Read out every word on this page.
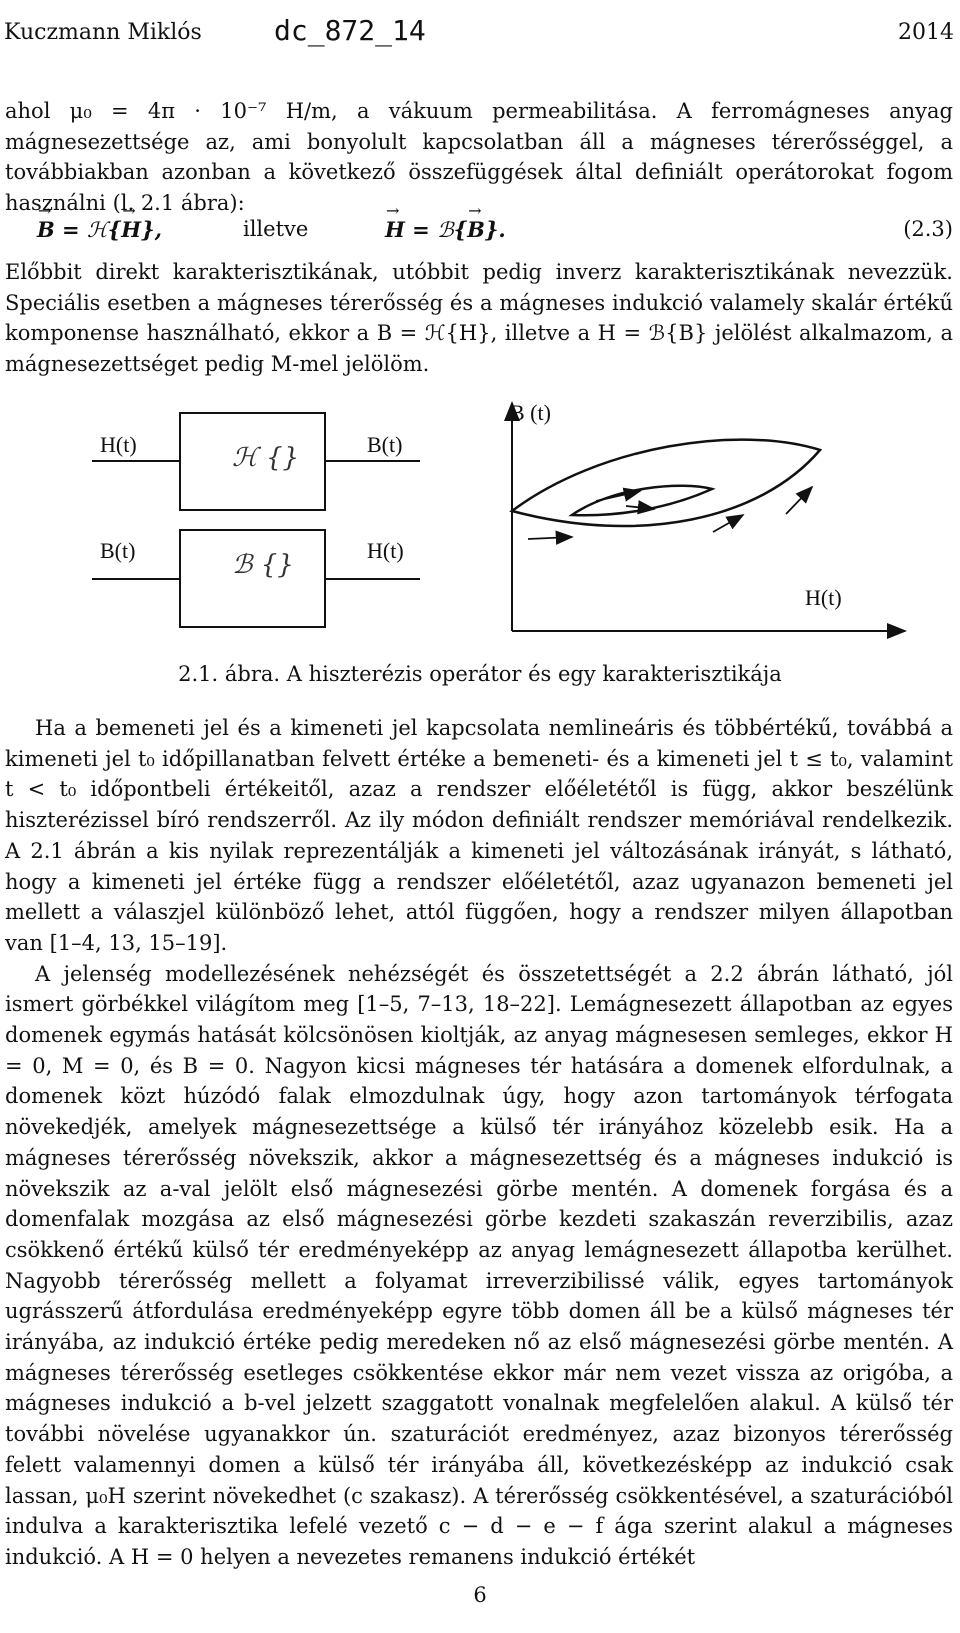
Kuczmann Miklós	dc_872_14	2014

ahol μ₀ = 4π · 10⁻⁷ H/m, a vákuum permeabilitása. A ferromágneses anyag mágnesezettsége az, ami bonyolult kapcsolatban áll a mágneses térerősséggel, a továbbiakban azonban a következő összefüggések által definiált operátorokat fogom használni (l. 2.1 ábra):

→ B = ℋ{→ H},	illetve
→	H = ℬ{→ B}.	(2.3)

Előbbit direkt karakterisztikának, utóbbit pedig inverz karakterisztikának nevezzük. Speciális esetben a mágneses térerősség és a mágneses indukció valamely skalár értékű komponense használható, ekkor a B = ℋ{H}, illetve a H = ℬ{B} jelölést alkalmazom, a mágnesezettséget pedig M-mel jelölöm.

H(t)	ℋ {}	B(t)
B(t)	ℬ {}	H(t)
B (t)
H(t)
2.1. ábra. A hiszterézis operátor és egy karakterisztikája

Ha a bemeneti jel és a kimeneti jel kapcsolata nemlineáris és többértékű, továbbá a kimeneti jel t₀ időpillanatban felvett értéke a bemeneti- és a kimeneti jel t ≤ t₀, valamint t < t₀ időpontbeli értékeitől, azaz a rendszer előéletétől is függ, akkor beszélünk hiszterézissel bíró rendszerről. Az ily módon definiált rendszer memóriával rendelkezik. A 2.1 ábrán a kis nyilak reprezentálják a kimeneti jel változásának irányát, s látható, hogy a kimeneti jel értéke függ a rendszer előéletétől, azaz ugyanazon bemeneti jel mellett a válaszjel különböző lehet, attól függően, hogy a rendszer milyen állapotban van [1–4, 13, 15–19].

A jelenség modellezésének nehézségét és összetettségét a 2.2 ábrán látható, jól ismert görbékkel világítom meg [1–5, 7–13, 18–22]. Lemágnesezett állapotban az egyes domenek egymás hatását kölcsönösen kioltják, az anyag mágnesesen semleges, ekkor H = 0, M = 0, és B = 0. Nagyon kicsi mágneses tér hatására a domenek elfordulnak, a domenek közt húzódó falak elmozdulnak úgy, hogy azon tartományok térfogata növekedjék, amelyek mágnesezettsége a külső tér irányához közelebb esik. Ha a mágneses térerősség növekszik, akkor a mágnesezettség és a mágneses indukció is növekszik az a-val jelölt első mágnesezési görbe mentén. A domenek forgása és a domenfalak mozgása az első mágnesezési görbe kezdeti szakaszán reverzibilis, azaz csökkenő értékű külső tér eredményeképp az anyag lemágnesezett állapotba kerülhet. Nagyobb térerősség mellett a folyamat irreverzibilissé válik, egyes tartományok ugrásszerű átfordulása eredményeképp egyre több domen áll be a külső mágneses tér irányába, az indukció értéke pedig meredeken nő az első mágnesezési görbe mentén. A mágneses térerősség esetleges csökkentése ekkor már nem vezet vissza az origóba, a mágneses indukció a b-vel jelzett szaggatott vonalnak megfelelően alakul. A külső tér további növelése ugyanakkor ún. szaturációt eredményez, azaz bizonyos térerősség felett valamennyi domen a külső tér irányába áll, következésképp az indukció csak lassan, μ₀H szerint növekedhet (c szakasz). A térerősség csökkentésével, a szaturációból indulva a karakterisztika lefelé vezető c − d − e − f ága szerint alakul a mágneses indukció. A H = 0 helyen a nevezetes remanens indukció értékét

6
